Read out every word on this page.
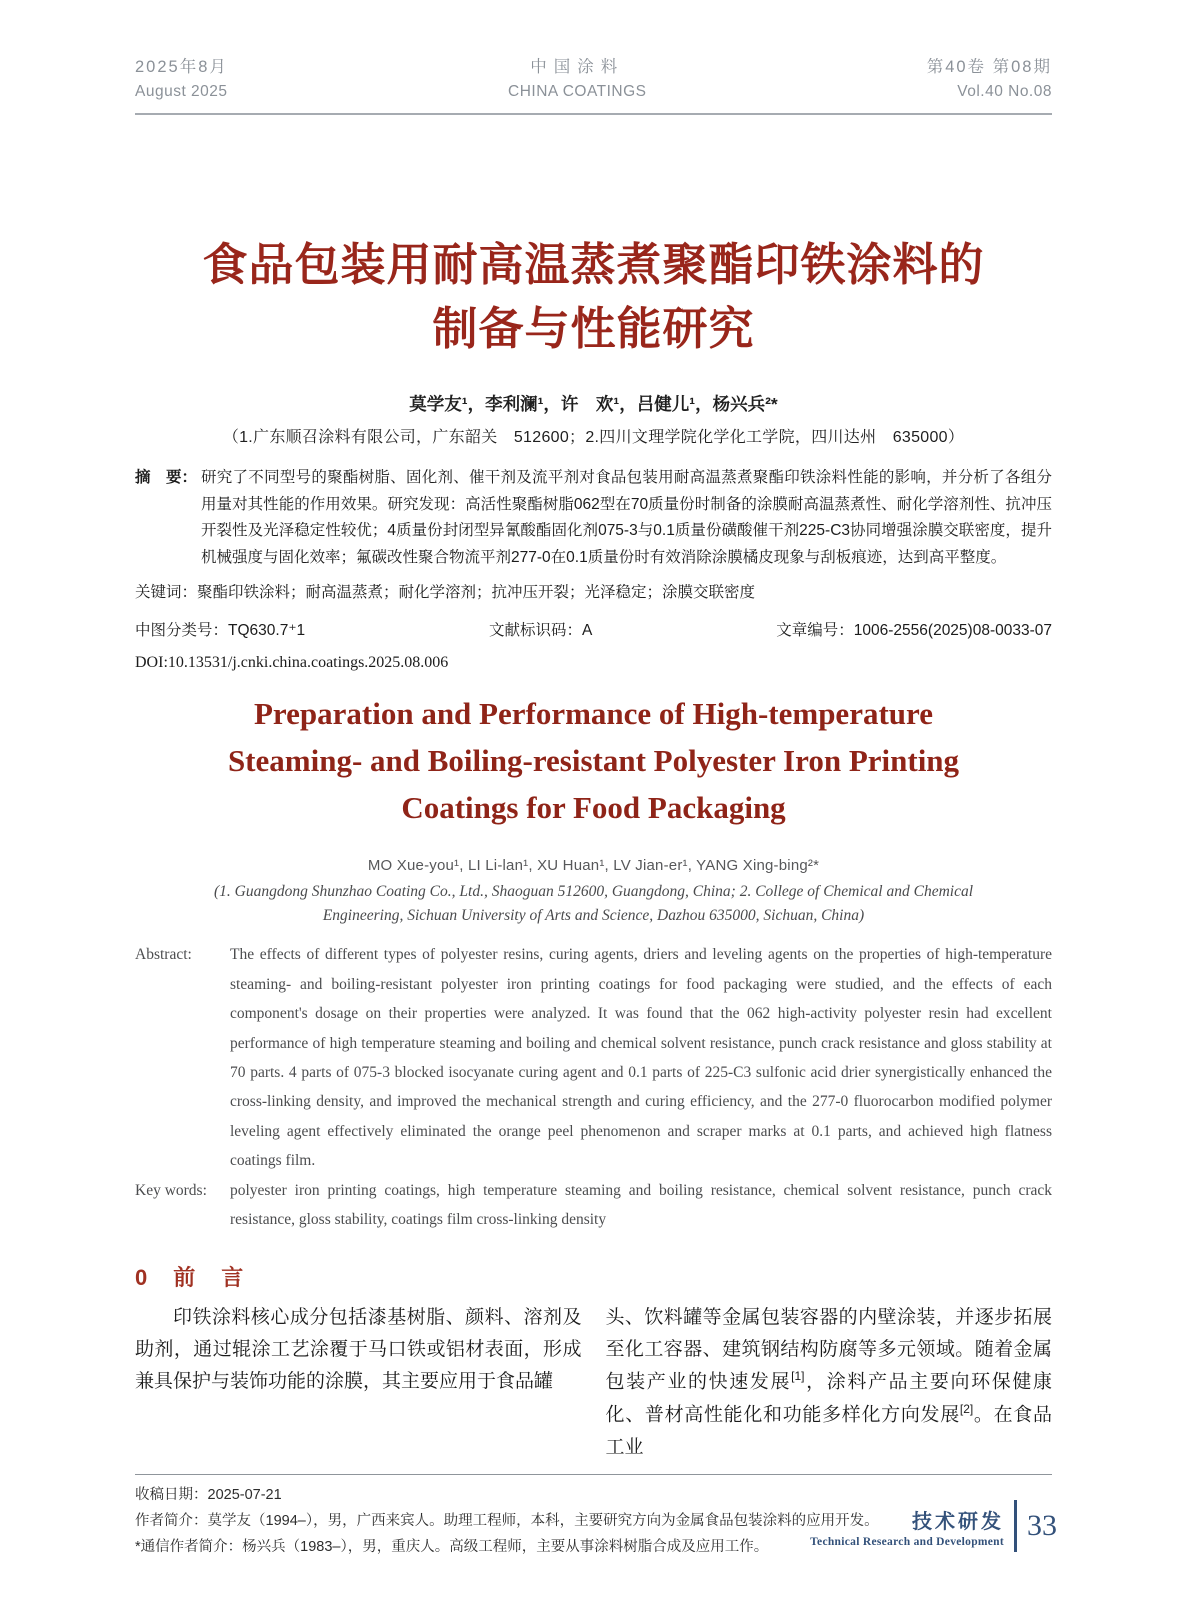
2025年8月
August 2025
中国涂料
CHINA COATINGS
第40卷 第08期
Vol.40 No.08
食品包装用耐高温蒸煮聚酯印铁涂料的
制备与性能研究
莫学友¹，李利澜¹，许　欢¹，吕健儿¹，杨兴兵²*
（1.广东顺召涂料有限公司，广东韶关　512600；2.四川文理学院化学化工学院，四川达州　635000）
摘　要： 研究了不同型号的聚酯树脂、固化剂、催干剂及流平剂对食品包装用耐高温蒸煮聚酯印铁涂料性能的影响，并分析了各组分用量对其性能的作用效果。研究发现：高活性聚酯树脂062型在70质量份时制备的涂膜耐高温蒸煮性、耐化学溶剂性、抗冲压开裂性及光泽稳定性较优；4质量份封闭型异氰酸酯固化剂075-3与0.1质量份磺酸催干剂225-C3协同增强涂膜交联密度，提升机械强度与固化效率；氟碳改性聚合物流平剂277-0在0.1质量份时有效消除涂膜橘皮现象与刮板痕迹，达到高平整度。
关键词： 聚酯印铁涂料；耐高温蒸煮；耐化学溶剂；抗冲压开裂；光泽稳定；涂膜交联密度
中图分类号：TQ630.7⁺1	文献标识码：A	文章编号：1006-2556(2025)08-0033-07
DOI:10.13531/j.cnki.china.coatings.2025.08.006
Preparation and Performance of High-temperature
Steaming- and Boiling-resistant Polyester Iron Printing
Coatings for Food Packaging
MO Xue-you¹, LI Li-lan¹, XU Huan¹, LV Jian-er¹, YANG Xing-bing²*
(1. Guangdong Shunzhao Coating Co., Ltd., Shaoguan 512600, Guangdong, China; 2. College of Chemical and Chemical
Engineering, Sichuan University of Arts and Science, Dazhou 635000, Sichuan, China)
Abstract:	The effects of different types of polyester resins, curing agents, driers and leveling agents on the properties of high-temperature steaming- and boiling-resistant polyester iron printing coatings for food packaging were studied, and the effects of each component's dosage on their properties were analyzed. It was found that the 062 high-activity polyester resin had excellent performance of high temperature steaming and boiling and chemical solvent resistance, punch crack resistance and gloss stability at 70 parts. 4 parts of 075-3 blocked isocyanate curing agent and 0.1 parts of 225-C3 sulfonic acid drier synergistically enhanced the cross-linking density, and improved the mechanical strength and curing efficiency, and the 277-0 fluorocarbon modified polymer leveling agent effectively eliminated the orange peel phenomenon and scraper marks at 0.1 parts, and achieved high flatness coatings film.
Key words:	polyester iron printing coatings, high temperature steaming and boiling resistance, chemical solvent resistance, punch crack resistance, gloss stability, coatings film cross-linking density
0　前　言

印铁涂料核心成分包括漆基树脂、颜料、溶剂及助剂，通过辊涂工艺涂覆于马口铁或铝材表面，形成兼具保护与装饰功能的涂膜，其主要应用于食品罐

头、饮料罐等金属包装容器的内壁涂装，并逐步拓展至化工容器、建筑钢结构防腐等多元领域。随着金属包装产业的快速发展[1]，涂料产品主要向环保健康化、普材高性能化和功能多样化方向发展[2]。在食品工业

收稿日期：2025-07-21
作者简介：莫学友（1994–），男，广西来宾人。助理工程师，本科，主要研究方向为金属食品包装涂料的应用开发。
*通信作者简介：杨兴兵（1983–），男，重庆人。高级工程师，主要从事涂料树脂合成及应用工作。
技术研发
Technical Research and Development 33
